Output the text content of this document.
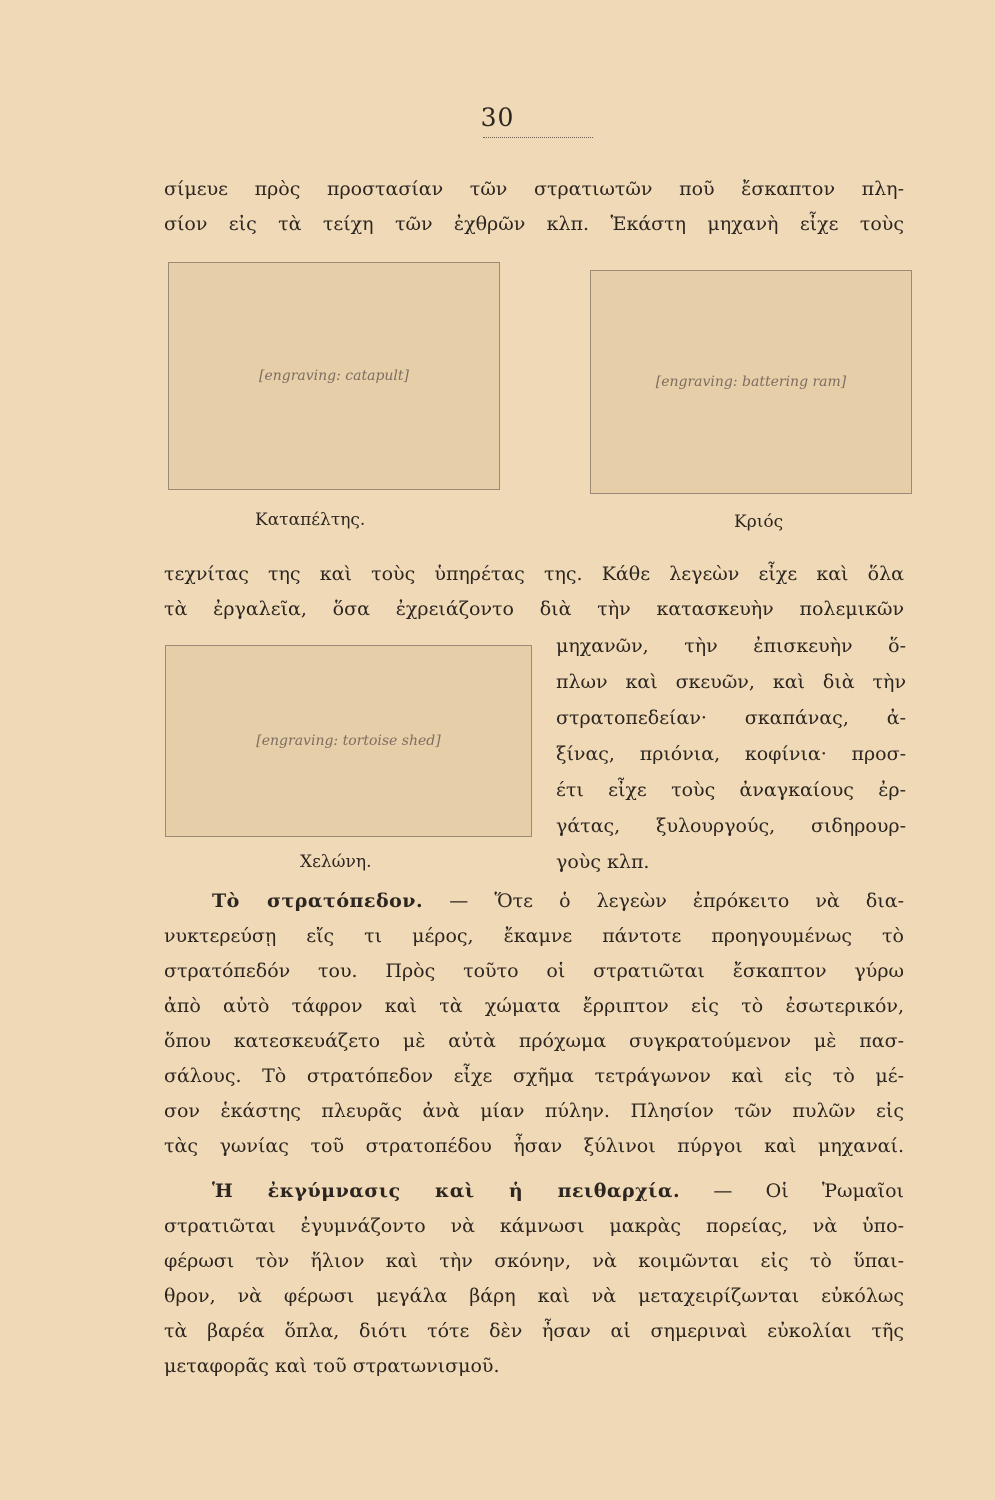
30
σίμευε πρὸς προστασίαν τῶν στρατιωτῶν ποῦ ἔσκαπτον πλη-
σίον εἰς τὰ τείχη τῶν ἐχθρῶν κλπ. Ἑκάστη μηχανὴ εἶχε τοὺς
[engraving: catapult]
Καταπέλτης.
[engraving: battering ram]
Κριός
τεχνίτας της καὶ τοὺς ὑπηρέτας της. Κάθε λεγεὼν εἶχε καὶ ὅλα
τὰ ἐργαλεῖα, ὅσα ἐχρειάζοντο διὰ τὴν κατασκευὴν πολεμικῶν
[engraving: tortoise shed]
Χελώνη.
μηχανῶν, τὴν ἐπισκευὴν ὅ-
πλων καὶ σκευῶν, καὶ διὰ τὴν
στρατοπεδείαν· σκαπάνας, ἀ-
ξίνας, πριόνια, κοφίνια· προσ-
έτι εἶχε τοὺς ἀναγκαίους ἐρ-
γάτας, ξυλουργούς, σιδηρουρ-
γοὺς κλπ.
Τὸ στρατόπεδον. — Ὅτε ὁ λεγεὼν ἐπρόκειτο νὰ δια-
νυκτερεύσῃ εἴς τι μέρος, ἔκαμνε πάντοτε προηγουμένως τὸ
στρατόπεδόν του. Πρὸς τοῦτο οἱ στρατιῶται ἔσκαπτον γύρω
ἀπὸ αὐτὸ τάφρον καὶ τὰ χώματα ἔρριπτον εἰς τὸ ἐσωτερικόν,
ὅπου κατεσκευάζετο μὲ αὐτὰ πρόχωμα συγκρατούμενον μὲ πασ-
σάλους. Τὸ στρατόπεδον εἶχε σχῆμα τετράγωνον καὶ εἰς τὸ μέ-
σον ἑκάστης πλευρᾶς ἀνὰ μίαν πύλην. Πλησίον τῶν πυλῶν εἰς
τὰς γωνίας τοῦ στρατοπέδου ἦσαν ξύλινοι πύργοι καὶ μηχαναί.
Ἡ ἐκγύμνασις καὶ ἡ πειθαρχία. — Οἱ Ῥωμαῖοι
στρατιῶται ἐγυμνάζοντο νὰ κάμνωσι μακρὰς πορείας, νὰ ὑπο-
φέρωσι τὸν ἥλιον καὶ τὴν σκόνην, νὰ κοιμῶνται εἰς τὸ ὕπαι-
θρον, νὰ φέρωσι μεγάλα βάρη καὶ νὰ μεταχειρίζωνται εὐκόλως
τὰ βαρέα ὅπλα, διότι τότε δὲν ἦσαν αἱ σημεριναὶ εὐκολίαι τῆς
μεταφορᾶς καὶ τοῦ στρατωνισμοῦ.
